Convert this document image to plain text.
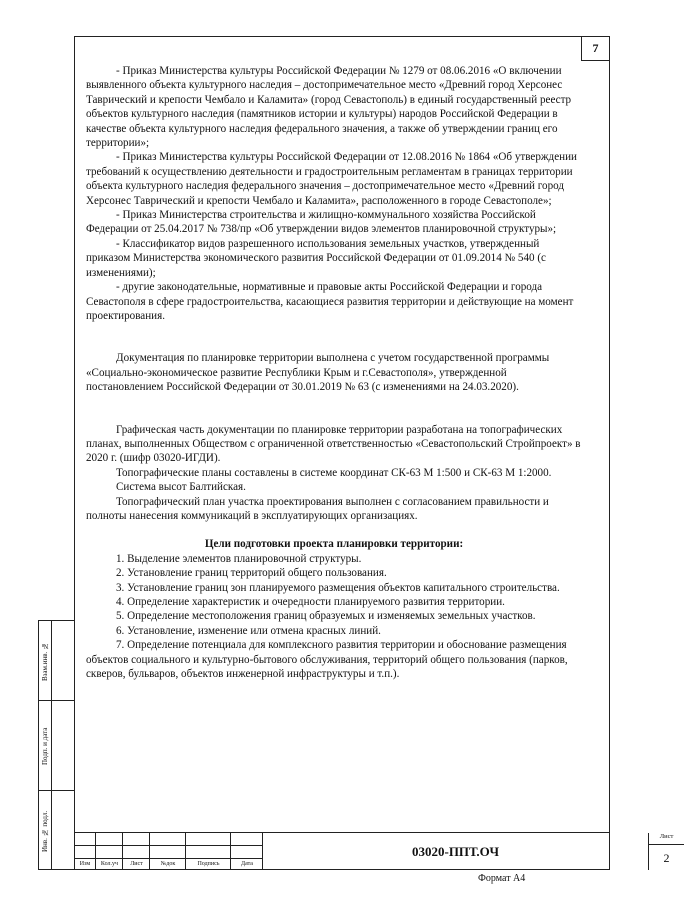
7

- Приказ Министерства культуры Российской Федерации № 1279 от 08.06.2016 «О включении выявленного объекта культурного наследия – достопримечательное место «Древний город Херсонес Таврический и крепости Чембало и Каламита» (город Севастополь) в единый государственный реестр объектов культурного наследия (памятников истории и культуры) народов Российской Федерации в качестве объекта культурного наследия федерального значения, а также об утверждении границ его территории»;

- Приказ Министерства культуры Российской Федерации от 12.08.2016 № 1864 «Об утверждении требований к осуществлению деятельности и градостроительным регламентам в границах территории объекта культурного наследия федерального значения – достопримечательное место «Древний город Херсонес Таврический и крепости Чембало и Каламита», расположенного в городе Севастополе»;

- Приказ Министерства строительства и жилищно-коммунального хозяйства Российской Федерации от 25.04.2017 № 738/пр «Об утверждении видов элементов планировочной структуры»;

- Классификатор видов разрешенного использования земельных участков, утвержденный приказом Министерства экономического развития Российской Федерации от 01.09.2014 № 540 (с изменениями);

- другие законодательные, нормативные и правовые акты Российской Федерации и города Севастополя в сфере градостроительства, касающиеся развития территории и действующие на момент проектирования.

Документация по планировке территории выполнена с учетом государственной программы «Социально-экономическое развитие Республики Крым и г.Севастополя», утвержденной постановлением Российской Федерации от 30.01.2019 № 63 (с изменениями на 24.03.2020).

Графическая часть документации по планировке территории разработана на топографических планах, выполненных Обществом с ограниченной ответственностью «Севастопольский Стройпроект» в 2020 г. (шифр 03020-ИГДИ).

Топографические планы составлены в системе координат СК-63 М 1:500 и СК-63 М 1:2000.

Система высот Балтийская.

Топографический план участка проектирования выполнен с согласованием правильности и полноты нанесения коммуникаций в эксплуатирующих организациях.

Цели подготовки проекта планировки территории:

1. Выделение элементов планировочной структуры.

2. Установление границ территорий общего пользования.

3. Установление границ зон планируемого размещения объектов капитального строительства.

4. Определение характеристик и очередности планируемого развития территории.

5. Определение местоположения границ образуемых и изменяемых земельных участков.

6. Установление, изменение или отмена красных линий.

7. Определение потенциала для комплексного развития территории и обоснование размещения объектов социального и культурно-бытового обслуживания, территорий общего пользования (парков, скверов, бульваров, объектов инженерной инфраструктуры и т.п.).

Изм	Кол.уч	Лист	№док	Подпись	Дата
03020-ППТ.ОЧ
Лист
2
Формат А4
Взам.инв. №
Подп. и дата
Инв. № подл.
